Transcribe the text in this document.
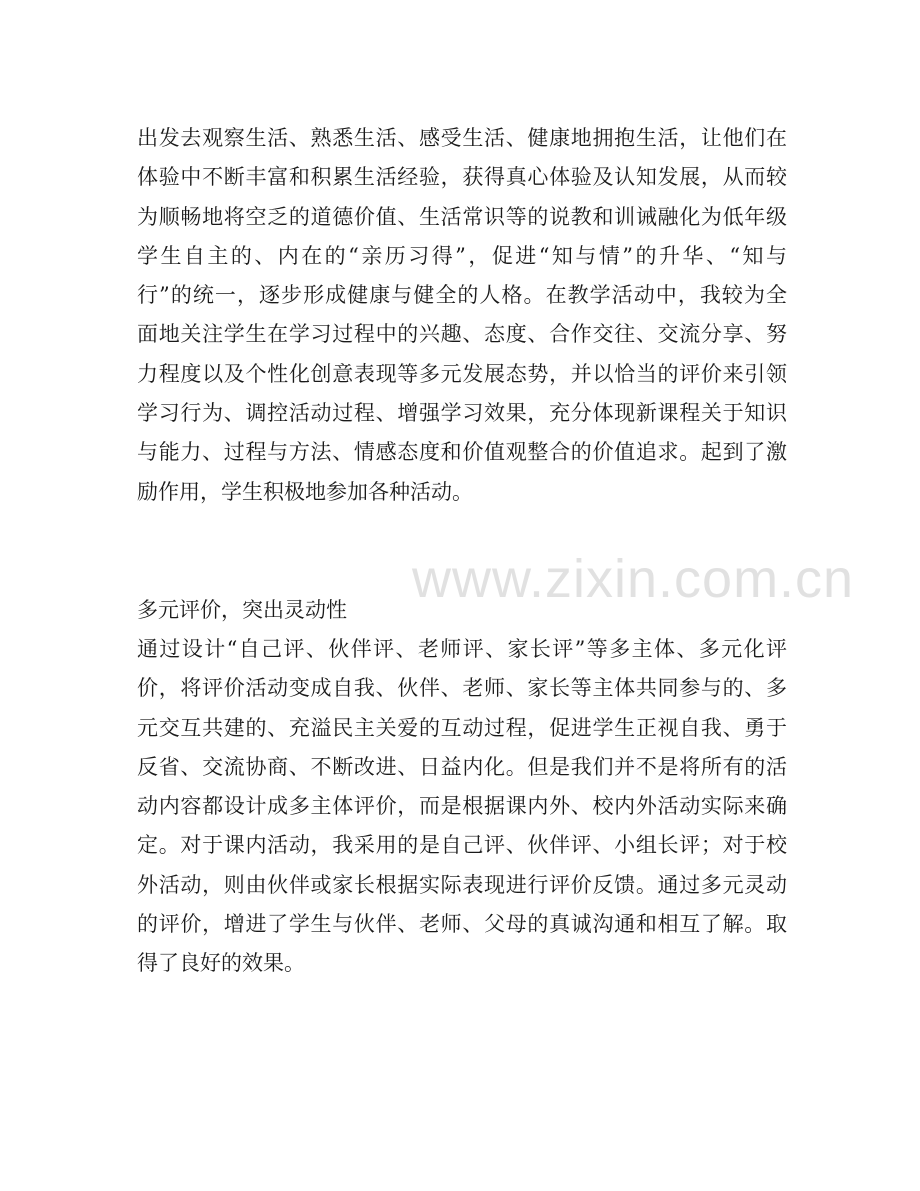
出发去观察生活、熟悉生活、感受生活、健康地拥抱生活，让他们在
体验中不断丰富和积累生活经验，获得真心体验及认知发展，从而较
为顺畅地将空乏的道德价值、生活常识等的说教和训诫融化为低年级
学生自主的、内在的“亲历习得”，促进“知与情”的升华、“知与
行”的统一，逐步形成健康与健全的人格。在教学活动中，我较为全
面地关注学生在学习过程中的兴趣、态度、合作交往、交流分享、努
力程度以及个性化创意表现等多元发展态势，并以恰当的评价来引领
学习行为、调控活动过程、增强学习效果，充分体现新课程关于知识
与能力、过程与方法、情感态度和价值观整合的价值追求。起到了激
励作用，学生积极地参加各种活动。
多元评价，突出灵动性
通过设计“自己评、伙伴评、老师评、家长评”等多主体、多元化评
价，将评价活动变成自我、伙伴、老师、家长等主体共同参与的、多
元交互共建的、充溢民主关爱的互动过程，促进学生正视自我、勇于
反省、交流协商、不断改进、日益内化。但是我们并不是将所有的活
动内容都设计成多主体评价，而是根据课内外、校内外活动实际来确
定。对于课内活动，我采用的是自己评、伙伴评、小组长评；对于校
外活动，则由伙伴或家长根据实际表现进行评价反馈。通过多元灵动
的评价，增进了学生与伙伴、老师、父母的真诚沟通和相互了解。取
得了良好的效果。
www.zixin.com.cn
